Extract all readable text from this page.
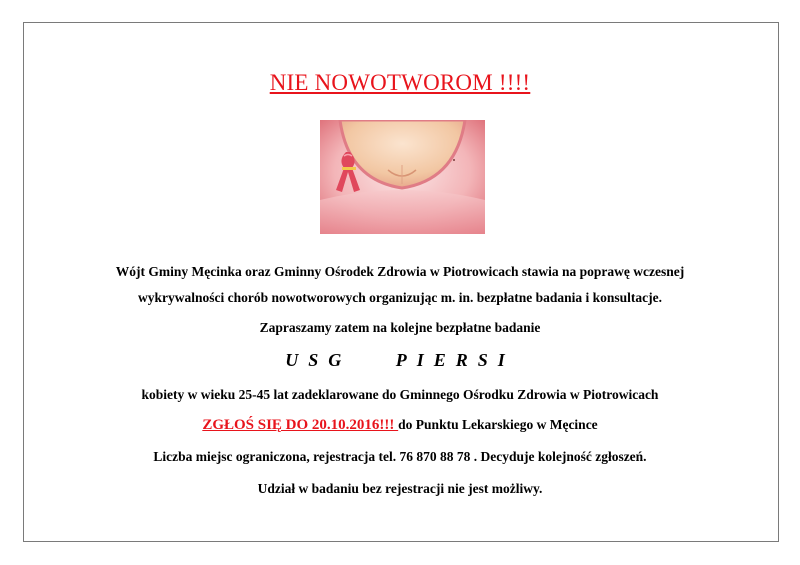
NIE NOWOTWOROM !!!!
Wójt Gminy Męcinka oraz Gminny Ośrodek Zdrowia w Piotrowicach stawia na poprawę wczesnej
wykrywalności chorób nowotworowych organizując m. in. bezpłatne badania i konsultacje.
Zapraszamy zatem na kolejne bezpłatne badanie
USG PIERSI
kobiety w wieku 25-45 lat zadeklarowane do Gminnego Ośrodku Zdrowia w Piotrowicach
ZGŁOŚ SIĘ DO 20.10.2016!!! do Punktu Lekarskiego w Męcince
Liczba miejsc ograniczona, rejestracja tel. 76 870 88 78 . Decyduje kolejność zgłoszeń.
Udział w badaniu bez rejestracji nie jest możliwy.
